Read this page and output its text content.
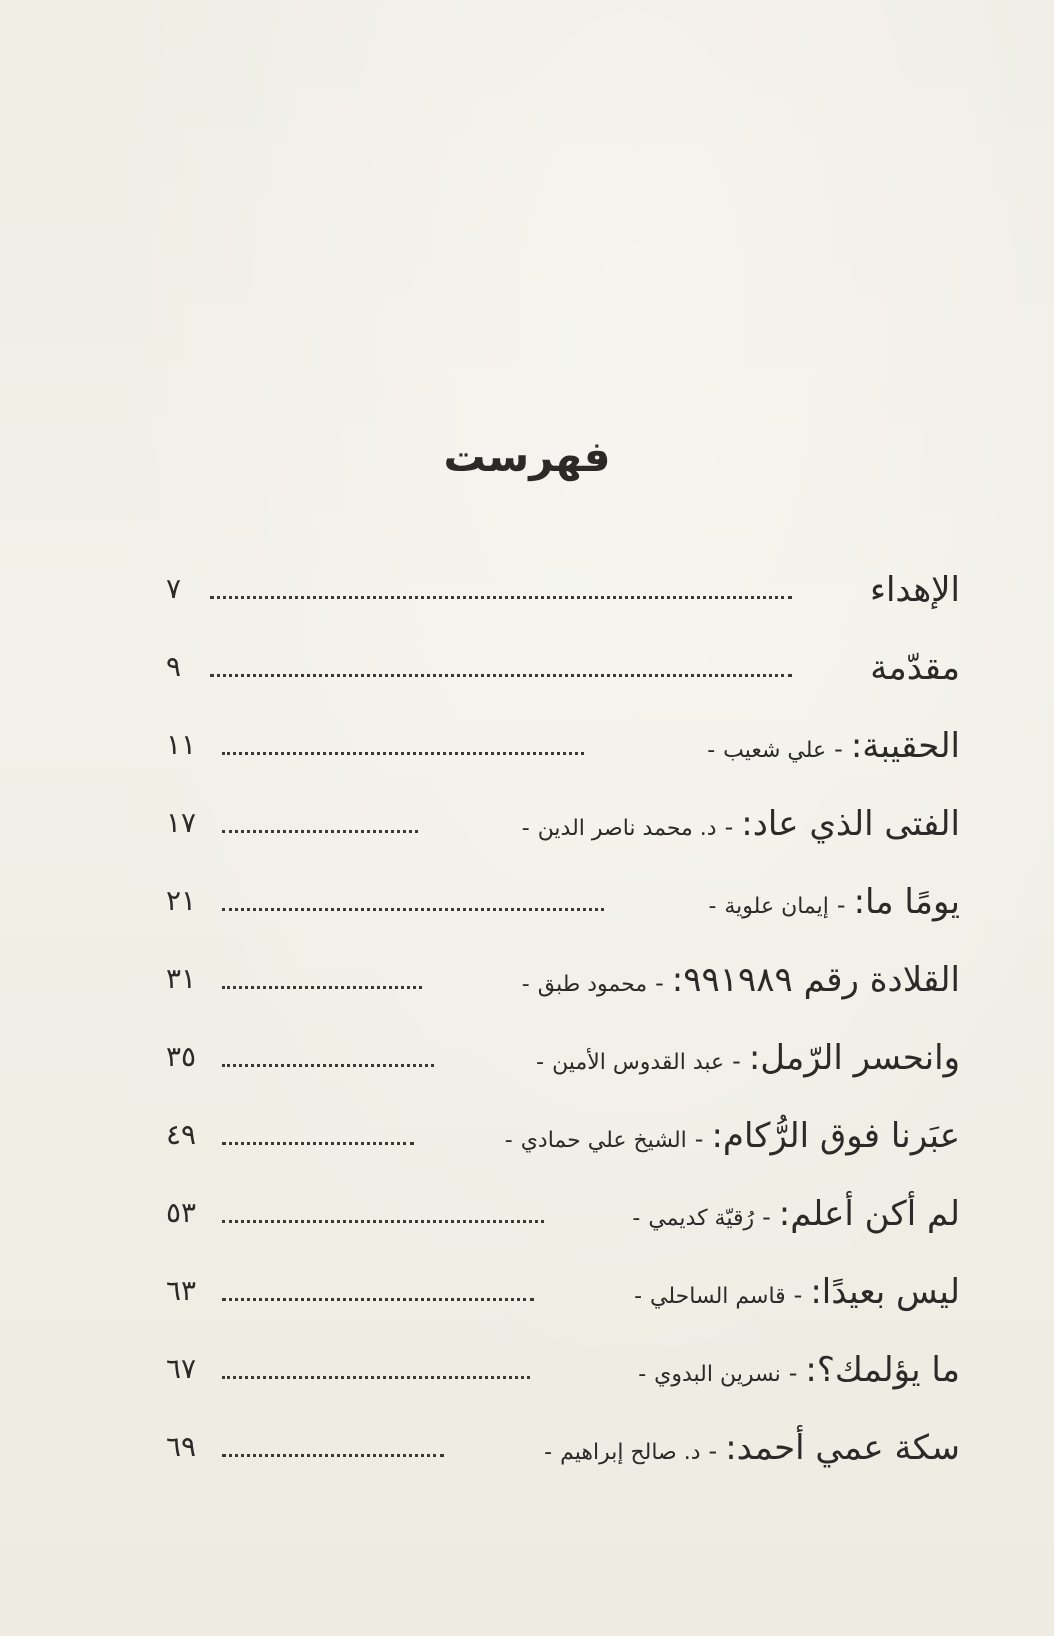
فهرست
الإهداء
٧
مقدّمة
٩
الحقيبة:
-
علي شعيب
-
١١
الفتى الذي عاد:
-
د. محمد ناصر الدين
-
١٧
يومًا ما:
-
إيمان علوية
-
٢١
القلادة رقم ٩٩١٩٨٩:
-
محمود طبق
-
٣١
وانحسر الرّمل:
-
عبد القدوس الأمين
-
٣٥
عبَرنا فوق الرُّكام:
-
الشيخ علي حمادي
-
٤٩
لم أكن أعلم:
-
رُقيّة كديمي
-
٥٣
ليس بعيدًا:
-
قاسم الساحلي
-
٦٣
ما يؤلمك؟:
-
نسرين البدوي
-
٦٧
سكة عمي أحمد:
-
د. صالح إبراهيم
-
٦٩
